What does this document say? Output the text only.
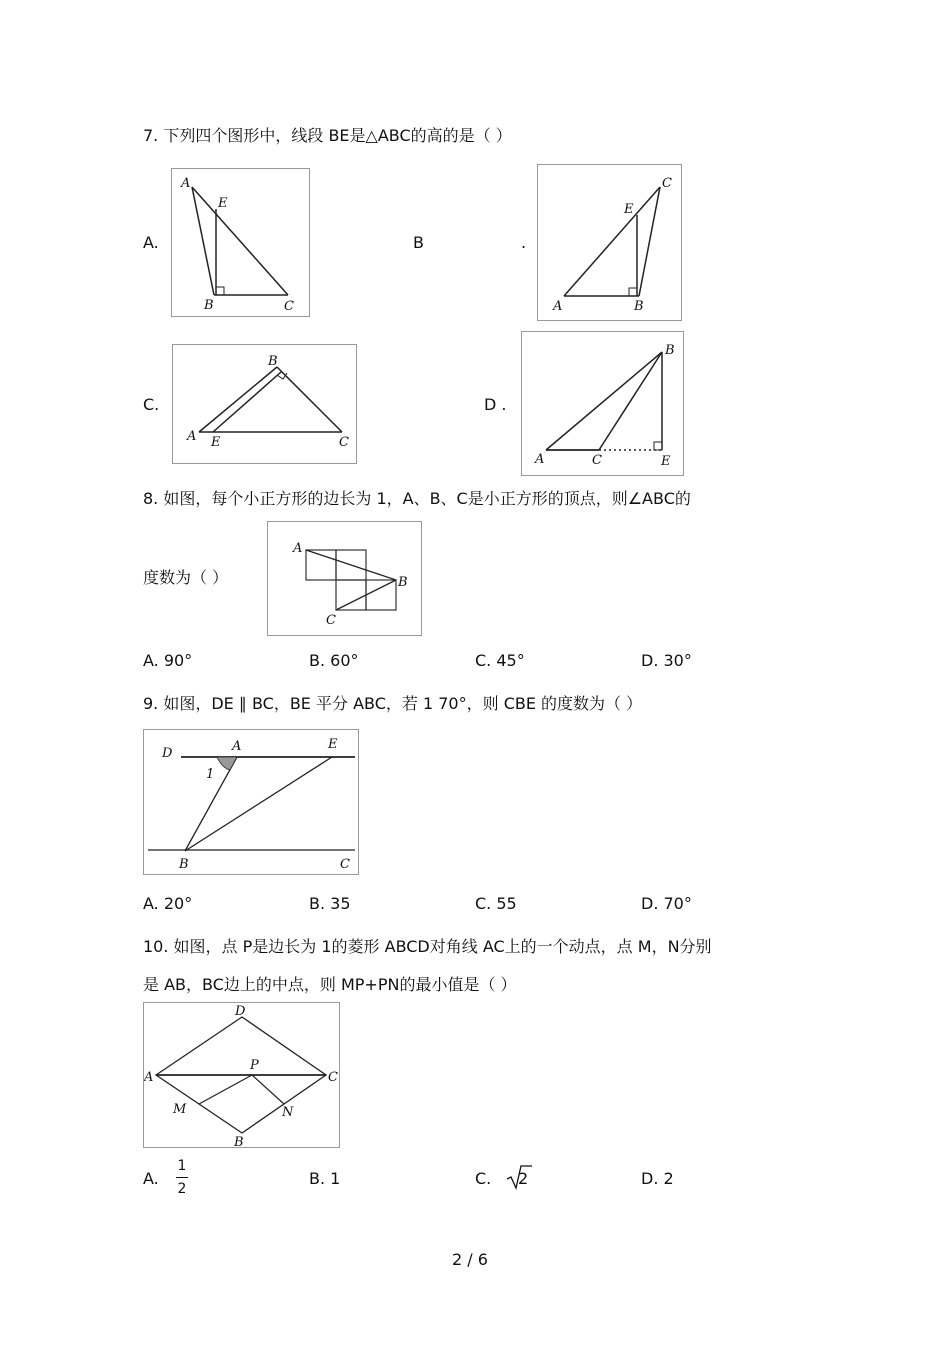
7. 下列四个图形中，线段 BE是△ABC的高的是（ ）
A.	B	.
C.	D .
A
E
B	C
C
E
A	B
B
A E	C
B
A	C	E
8. 如图，每个小正方形的边长为 1，A、B、C是小正方形的顶点，则∠ABC的
度数为（ ）
A
B
C
A. 90°	B. 60°	C. 45°	D. 30°
9. 如图，DE ∥ BC，BE 平分 ABC，若 1 70°，则 CBE 的度数为（ ）
D	A	E
1
B	C
A. 20°	B. 35	C. 55	D. 70°
10. 如图，点 P是边长为 1的菱形 ABCD对角线 AC上的一个动点，点 M，N分别
是 AB，BC边上的中点，则 MP+PN的最小值是（ ）
D
A	C
P
M	N
B
A.
1
2
B. 1	C. 2	D. 2
2 / 6
